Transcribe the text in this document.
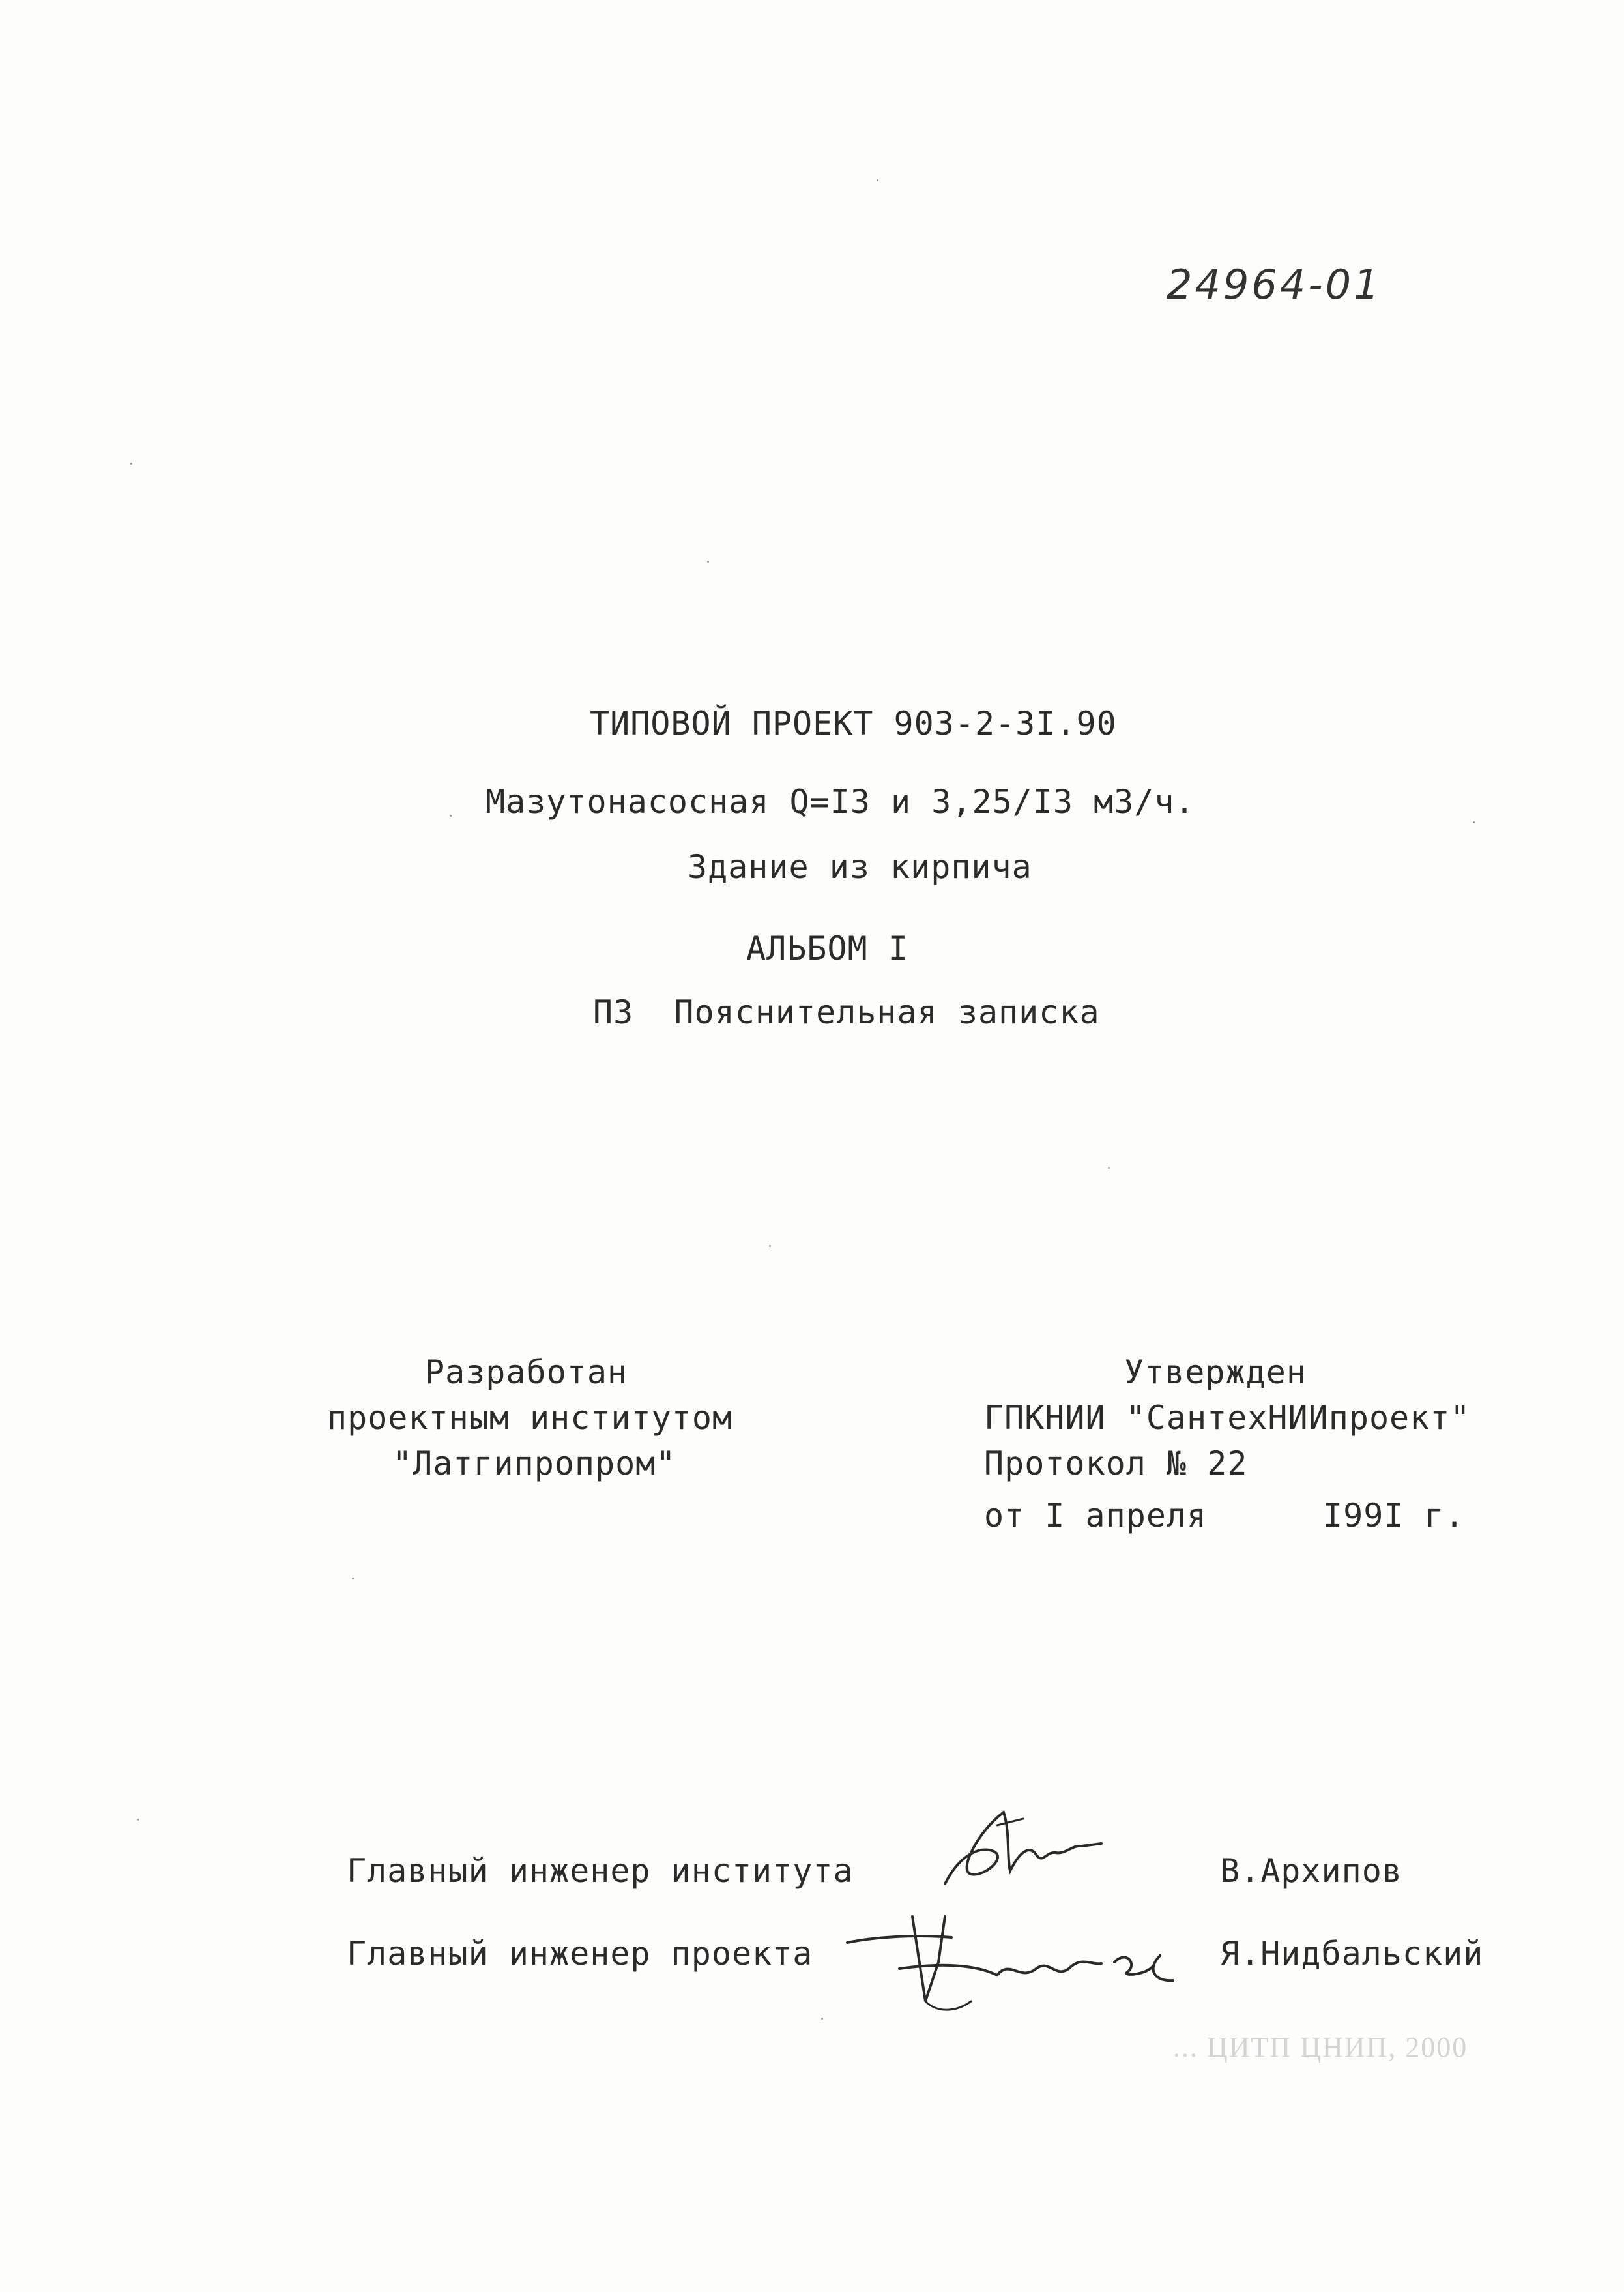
24964-01
ТИПОВОЙ ПРОЕКТ 903-2-3I.90
Мазутонасосная Q=I3 и 3,25/I3 м3/ч.
Здание из кирпича
АЛЬБОМ I
ПЗ  Пояснительная записка
Разработан
проектным институтом
"Латгипропром"
Утвержден
ГПКНИИ "СантехНИИпроект"
Протокол № 22
от I апреля	I99I г.
Главный инженер института	В.Архипов
Главный инженер проекта	Я.Нидбальский
... ЦИТП ЦНИП, 2000
